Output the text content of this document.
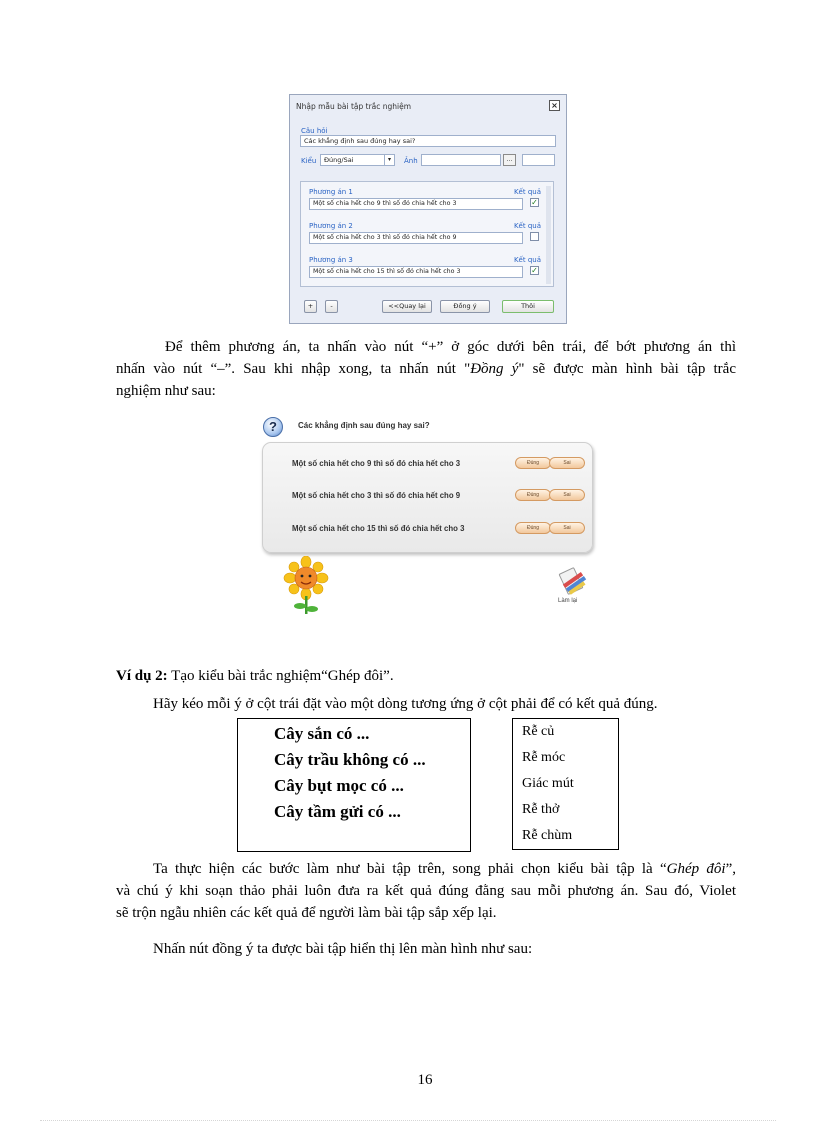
Nhập mẫu bài tập trắc nghiệm	×
Câu hỏi
Các khẳng định sau đúng hay sai?
Kiểu	Đúng/Sai	▾	Ảnh	...
Phương án 1	Kết quả
Một số chia hết cho 9 thì số đó chia hết cho 3	✓
Phương án 2	Kết quả
Một số chia hết cho 3 thì số đó chia hết cho 9
Phương án 3	Kết quả
Một số chia hết cho 15 thì số đó chia hết cho 3	✓
+	-	<<Quay lại	Đồng ý	Thôi
Để thêm phương án, ta nhấn vào nút “+” ở góc dưới bên trái, để bớt phương án thì
nhấn vào nút “–”. Sau khi nhập xong, ta nhấn nút "Đồng ý" sẽ được màn hình bài tập trắc
nghiệm như sau:
?	Các khẳng định sau đúng hay sai?
Một số chia hết cho 9 thì số đó chia hết cho 3	Đúng	Sai
Một số chia hết cho 3 thì số đó chia hết cho 9	Đúng	Sai
Một số chia hết cho 15 thì số đó chia hết cho 3	Đúng	Sai
Làm lại
Ví dụ 2: Tạo kiểu bài trắc nghiệm“Ghép đôi”.
Hãy kéo mỗi ý ở cột trái đặt vào một dòng tương ứng ở cột phải để có kết quả đúng.
Cây sắn có ...
Cây trầu không có ...
Cây bụt mọc có ...
Cây tầm gửi có ...
Rễ củ
Rễ móc
Giác mút
Rễ thở
Rễ chùm
Ta thực hiện các bước làm như bài tập trên, song phải chọn kiểu bài tập là “Ghép đôi”,
và chú ý khi soạn thảo phải luôn đưa ra kết quả đúng đằng sau mỗi phương án. Sau đó, Violet
sẽ trộn ngẫu nhiên các kết quả để người làm bài tập sắp xếp lại.
Nhấn nút đồng ý ta được bài tập hiển thị lên màn hình như sau:
16
